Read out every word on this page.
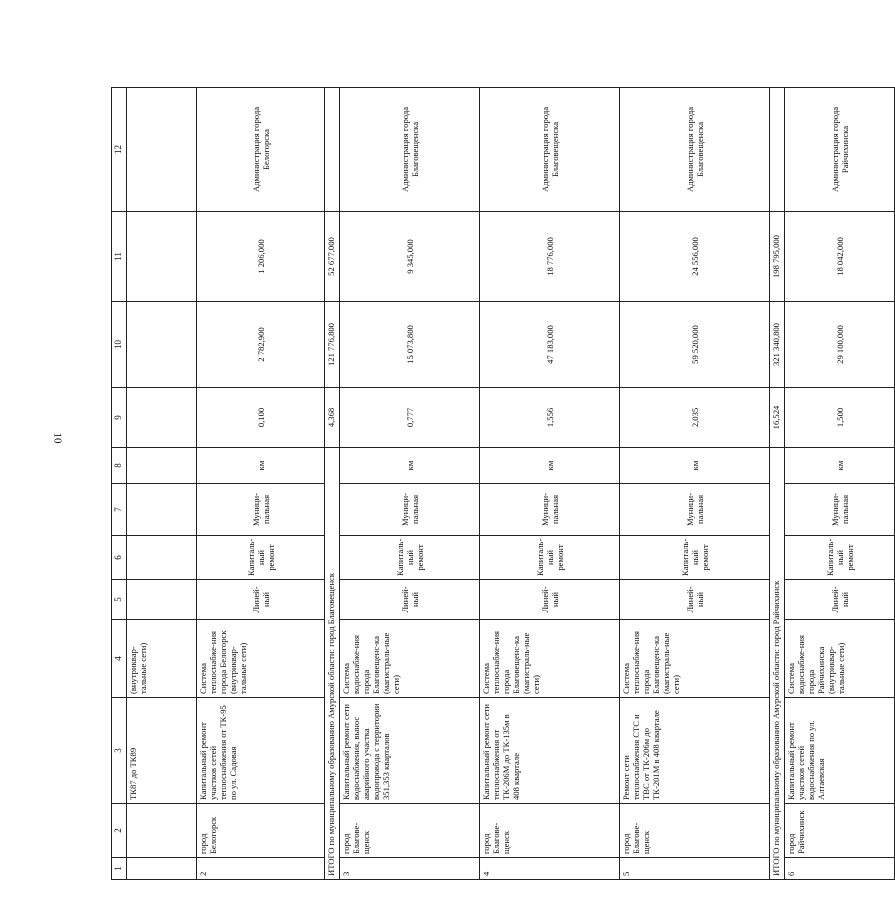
10
1	2	3	4	5	6	7	8	9	10	11	12
		ТК87 до ТК89	(внутриквар-тальные сети)								
2	город Белогорск	Капитальный ремонт участков сетей теплоснабжения от ТК-95 по ул. Садовая	Система теплоснабже-ния города Белогорск (внутриквар-тальные сети)	Линей-ный	Капиталь-ный ремонт	Муници-пальная	км	0,100	2 782,900	1 206,000	Администрация города Белогорска
ИТОГО по муниципальному образованию Амурской области: город Благовещенск								4,368	121 776,800	52 677,000	
3	город Благове-щенск	Капитальный ремонт сети водоснабжения, вынос аварийного участка водопровода с территории 351,353 кварталов	Система водоснабже-ния города Благовещенс-ка (магистраль-ные сети)	Линей-ный	Капиталь-ный ремонт	Муници-пальная	км	0,777	15 073,800	9 345,000	Администрация города Благовещенска
4	город Благове-щенск	Капитальный ремонт сети теплоснабжения от ТК-206М до ТК-135м в 408 квартале	Система теплоснабже-ния города Благовещенс-ка (магистраль-ные сети)	Линей-ный	Капиталь-ный ремонт	Муници-пальная	км	1,556	47 183,000	18 776,000	Администрация города Благовещенска
5	город Благове-щенск	Ремонт сети теплоснабжения СТС и ТВС от ТК-206м до ТК-201М в 408 квартале	Система теплоснабже-ния города Благовещенс-ка (магистраль-ные сети)	Линей-ный	Капиталь-ный ремонт	Муници-пальная	км	2,035	59 520,000	24 556,000	Администрация города Благовещенска
ИТОГО по муниципальному образованию Амурской области: город Райчихинск								16,524	321 340,800	198 795,000	
6	город Райчихинск	Капитальный ремонт участков сетей водоснабжения по ул. Алтаевская	Система водоснабже-ния города Райчихинска (внутриквар-тальные сети)	Линей-ный	Капиталь-ный ремонт	Муници-пальная	км	1,500	29 100,000	18 042,000	Администрация города Райчихинска
